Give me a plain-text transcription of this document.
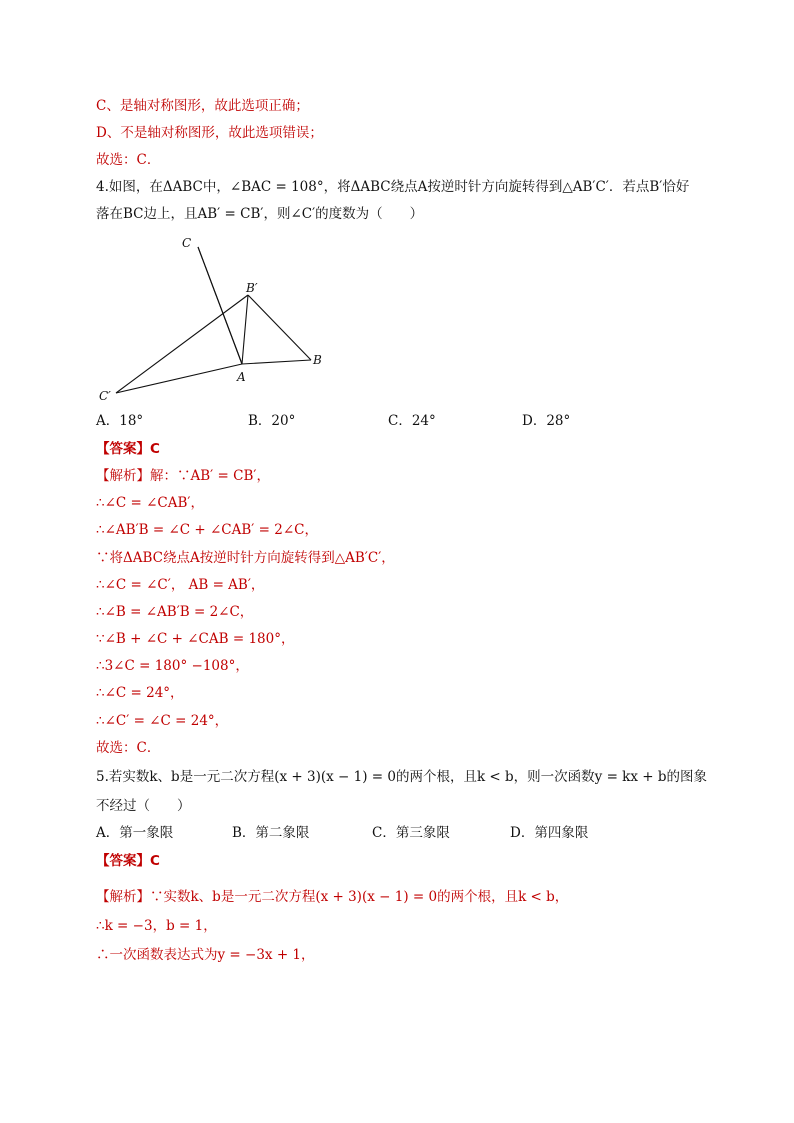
C、是轴对称图形，故此选项正确；
D、不是轴对称图形，故此选项错误；
故选：C．
4.如图，在ΔABC中，∠BAC = 108°，将ΔABC绕点A按逆时针方向旋转得到△AB′C′．若点B′恰好
落在BC边上，且AB′ = CB′，则∠C′的度数为（　　）
C
B′
B
A
C′
A．18°	B．20°	C．24°	D．28°
【答案】C
【解析】解：∵AB′ = CB′，
∴∠C = ∠CAB′，
∴∠AB′B = ∠C + ∠CAB′ = 2∠C，
∵将ΔABC绕点A按逆时针方向旋转得到△AB′C′，
∴∠C = ∠C′， AB = AB′，
∴∠B = ∠AB′B = 2∠C，
∵∠B + ∠C + ∠CAB = 180°，
∴3∠C = 180° −108°，
∴∠C = 24°，
∴∠C′ = ∠C = 24°，
故选：C．
5.若实数k、b是一元二次方程(x + 3)(x − 1) = 0的两个根，且k < b，则一次函数y = kx + b的图象
不经过（　　）
A．第一象限	B．第二象限	C．第三象限	D．第四象限
【答案】C
【解析】∵实数k、b是一元二次方程(x + 3)(x − 1) = 0的两个根，且k < b，
∴k = −3，b = 1，
∴一次函数表达式为y = −3x + 1，
